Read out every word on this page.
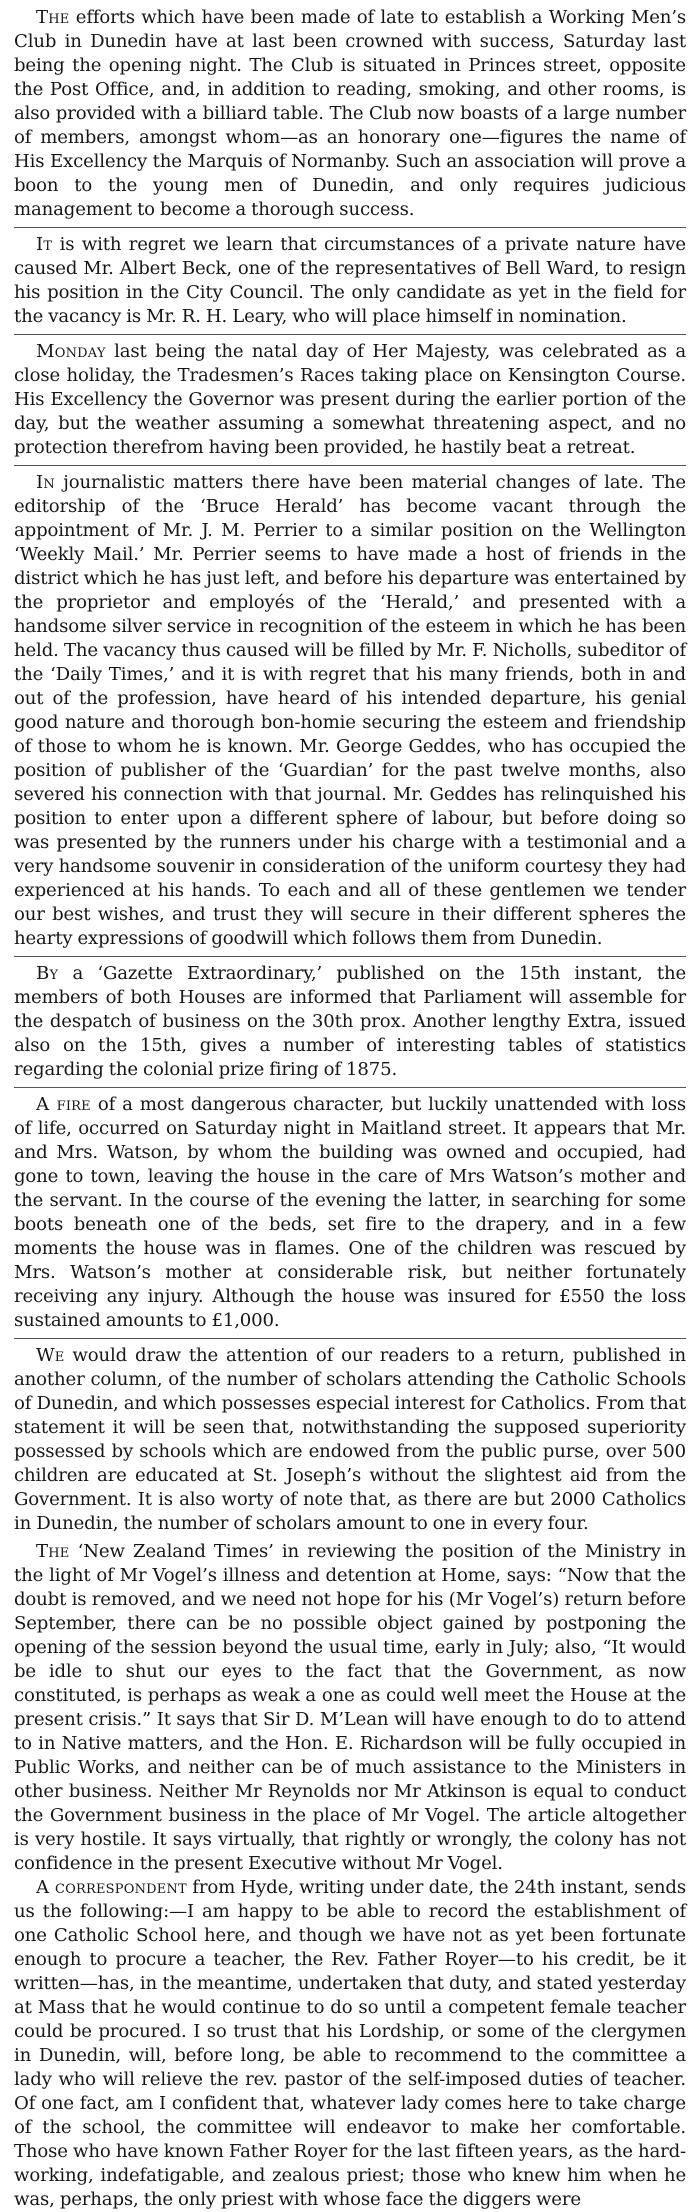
The efforts which have been made of late to establish a Working Men’s Club in Dunedin have at last been crowned with success, Saturday last being the opening night. The Club is situated in Princes street, opposite the Post Office, and, in addition to reading, smoking, and other rooms, is also provided with a billiard table. The Club now boasts of a large number of members, amongst whom—as an honorary one—figures the name of His Excellency the Marquis of Normanby. Such an association will prove a boon to the young men of Dunedin, and only requires judicious management to become a thorough success.

It is with regret we learn that circumstances of a private nature have caused Mr. Albert Beck, one of the representatives of Bell Ward, to resign his position in the City Council. The only candidate as yet in the field for the vacancy is Mr. R. H. Leary, who will place himself in nomination.

Monday last being the natal day of Her Majesty, was celebrated as a close holiday, the Tradesmen’s Races taking place on Kensington Course. His Excellency the Governor was present during the earlier portion of the day, but the weather assuming a somewhat threatening aspect, and no protection therefrom having been provided, he hastily beat a retreat.

In journalistic matters there have been material changes of late. The editorship of the ‘Bruce Herald’ has become vacant through the appointment of Mr. J. M. Perrier to a similar position on the Wellington ‘Weekly Mail.’ Mr. Perrier seems to have made a host of friends in the district which he has just left, and before his departure was entertained by the proprietor and employés of the ‘Herald,’ and presented with a handsome silver service in recognition of the esteem in which he has been held. The vacancy thus caused will be filled by Mr. F. Nicholls, subeditor of the ‘Daily Times,’ and it is with regret that his many friends, both in and out of the profession, have heard of his intended departure, his genial good nature and thorough bon-homie securing the esteem and friendship of those to whom he is known. Mr. George Geddes, who has occupied the position of publisher of the ‘Guardian’ for the past twelve months, also severed his connection with that journal. Mr. Geddes has relinquished his position to enter upon a different sphere of labour, but before doing so was presented by the runners under his charge with a testimonial and a very handsome souvenir in consideration of the uniform courtesy they had experienced at his hands. To each and all of these gentlemen we tender our best wishes, and trust they will secure in their different spheres the hearty expressions of goodwill which follows them from Dunedin.

By a ‘Gazette Extraordinary,’ published on the 15th instant, the members of both Houses are informed that Parliament will assemble for the despatch of business on the 30th prox. Another lengthy Extra, issued also on the 15th, gives a number of interesting tables of statistics regarding the colonial prize firing of 1875.

A fire of a most dangerous character, but luckily unattended with loss of life, occurred on Saturday night in Maitland street. It appears that Mr. and Mrs. Watson, by whom the building was owned and occupied, had gone to town, leaving the house in the care of Mrs Watson’s mother and the servant. In the course of the evening the latter, in searching for some boots beneath one of the beds, set fire to the drapery, and in a few moments the house was in flames. One of the children was rescued by Mrs. Watson’s mother at considerable risk, but neither fortunately receiving any injury. Although the house was insured for £550 the loss sustained amounts to £1,000.

We would draw the attention of our readers to a return, published in another column, of the number of scholars attending the Catholic Schools of Dunedin, and which possesses especial interest for Catholics. From that statement it will be seen that, notwithstanding the supposed superiority possessed by schools which are endowed from the public purse, over 500 children are educated at St. Joseph’s without the slightest aid from the Government. It is also worty of note that, as there are but 2000 Catholics in Dunedin, the number of scholars amount to one in every four.

The ‘New Zealand Times’ in reviewing the position of the Ministry in the light of Mr Vogel’s illness and detention at Home, says: “Now that the doubt is removed, and we need not hope for his (Mr Vogel’s) return before September, there can be no possible object gained by postponing the opening of the session beyond the usual time, early in July; also, “It would be idle to shut our eyes to the fact that the Government, as now constituted, is perhaps as weak a one as could well meet the House at the present crisis.” It says that Sir D. M’Lean will have enough to do to attend to in Native matters, and the Hon. E. Richardson will be fully occupied in Public Works, and neither can be of much assistance to the Ministers in other business. Neither Mr Reynolds nor Mr Atkinson is equal to conduct the Government business in the place of Mr Vogel. The article altogether is very hostile. It says virtually, that rightly or wrongly, the colony has not confidence in the present Executive without Mr Vogel.

A correspondent from Hyde, writing under date, the 24th instant, sends us the following:—I am happy to be able to record the establishment of one Catholic School here, and though we have not as yet been fortunate enough to procure a teacher, the Rev. Father Royer—to his credit, be it written—has, in the meantime, undertaken that duty, and stated yesterday at Mass that he would continue to do so until a competent female teacher could be procured. I so trust that his Lordship, or some of the clergymen in Dunedin, will, before long, be able to recommend to the committee a lady who will relieve the rev. pastor of the self-imposed duties of teacher. Of one fact, am I confident that, whatever lady comes here to take charge of the school, the committee will endeavor to make her comfortable. Those who have known Father Royer for the last fifteen years, as the hard-working, indefatigable, and zealous priest; those who knew him when he was, perhaps, the only priest with whose face the diggers were
